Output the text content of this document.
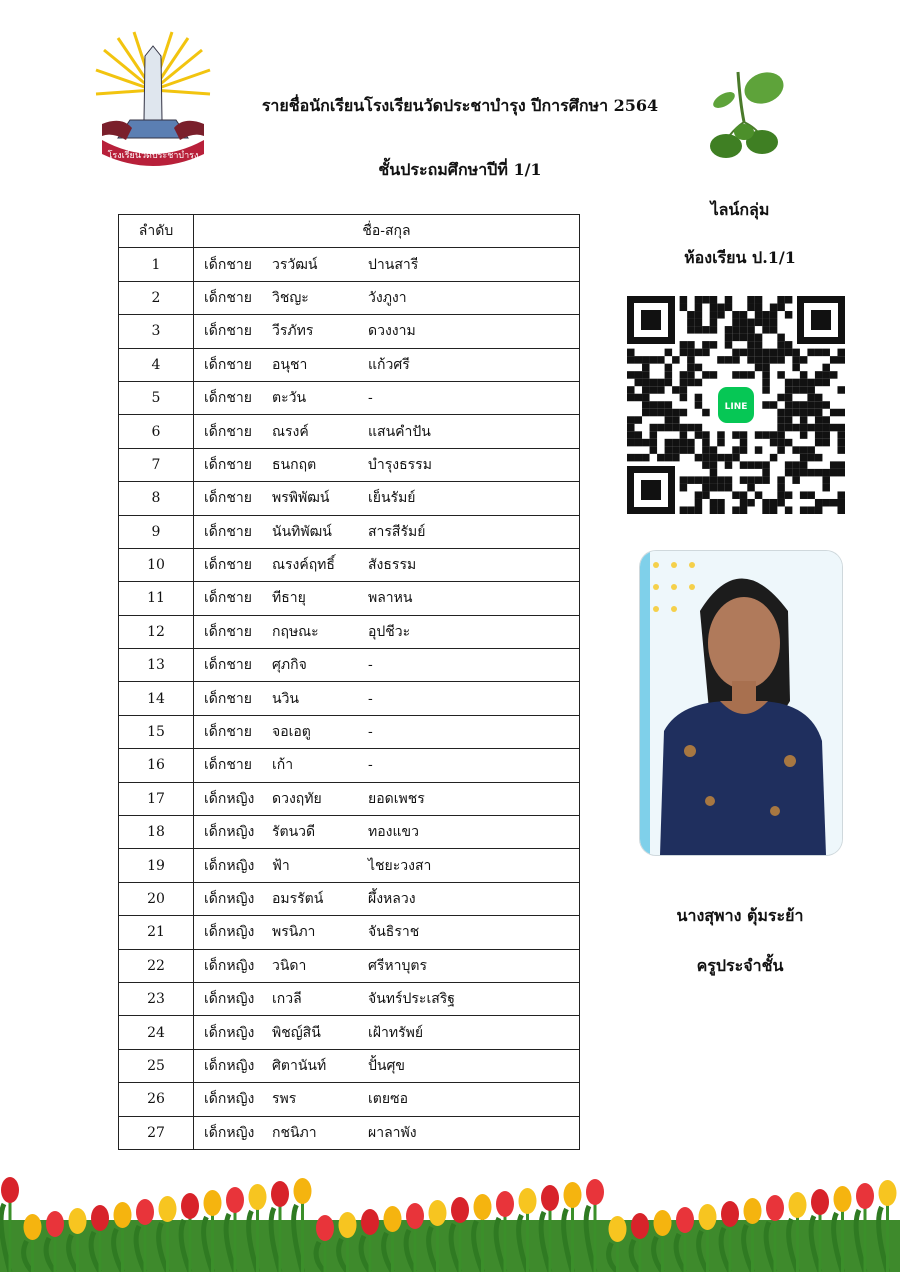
โรงเรียนวัดประชาบำรุง
รายชื่อนักเรียนโรงเรียนวัดประชาบำรุง ปีการศึกษา 2564
ชั้นประถมศึกษาปีที่ 1/1
ลำดับ	ชื่อ-สกุล
1	เด็กชาย วรวัฒน์ ปานสารี
2	เด็กชาย วิชญะ วังภูงา
3	เด็กชาย วีรภัทร ดวงงาม
4	เด็กชาย อนุชา แก้วศรี
5	เด็กชาย ตะวัน -
6	เด็กชาย ณรงค์ แสนคำปัน
7	เด็กชาย ธนกฤต บำรุงธรรม
8	เด็กชาย พรพิพัฒน์ เย็นรัมย์
9	เด็กชาย นันทิพัฒน์ สารสีรัมย์
10	เด็กชาย ณรงค์ฤทธิ์ สังธรรม
11	เด็กชาย ทีธายุ พลาหน
12	เด็กชาย กฤษณะ อุปชีวะ
13	เด็กชาย ศุภกิจ -
14	เด็กชาย นวิน -
15	เด็กชาย จอเอตู -
16	เด็กชาย เก้า -
17	เด็กหญิง ดวงฤทัย ยอดเพชร
18	เด็กหญิง รัตนวดี ทองแขว
19	เด็กหญิง ฟ้า ไชยะวงสา
20	เด็กหญิง อมรรัตน์ ผึ้งหลวง
21	เด็กหญิง พรนิภา จันธิราช
22	เด็กหญิง วนิดา ศรีหาบุตร
23	เด็กหญิง เกวลี จันทร์ประเสริฐ
24	เด็กหญิง พิชญ์สินี เฝ้าทรัพย์
25	เด็กหญิง ศิตานันท์ ปั้นศุข
26	เด็กหญิง รพร เตยซอ
27	เด็กหญิง กชนิภา ผาลาพัง
ไลน์กลุ่ม
ห้องเรียน ป.1/1
LINE
นางสุพาง ตุ้มระย้า
ครูประจำชั้น
